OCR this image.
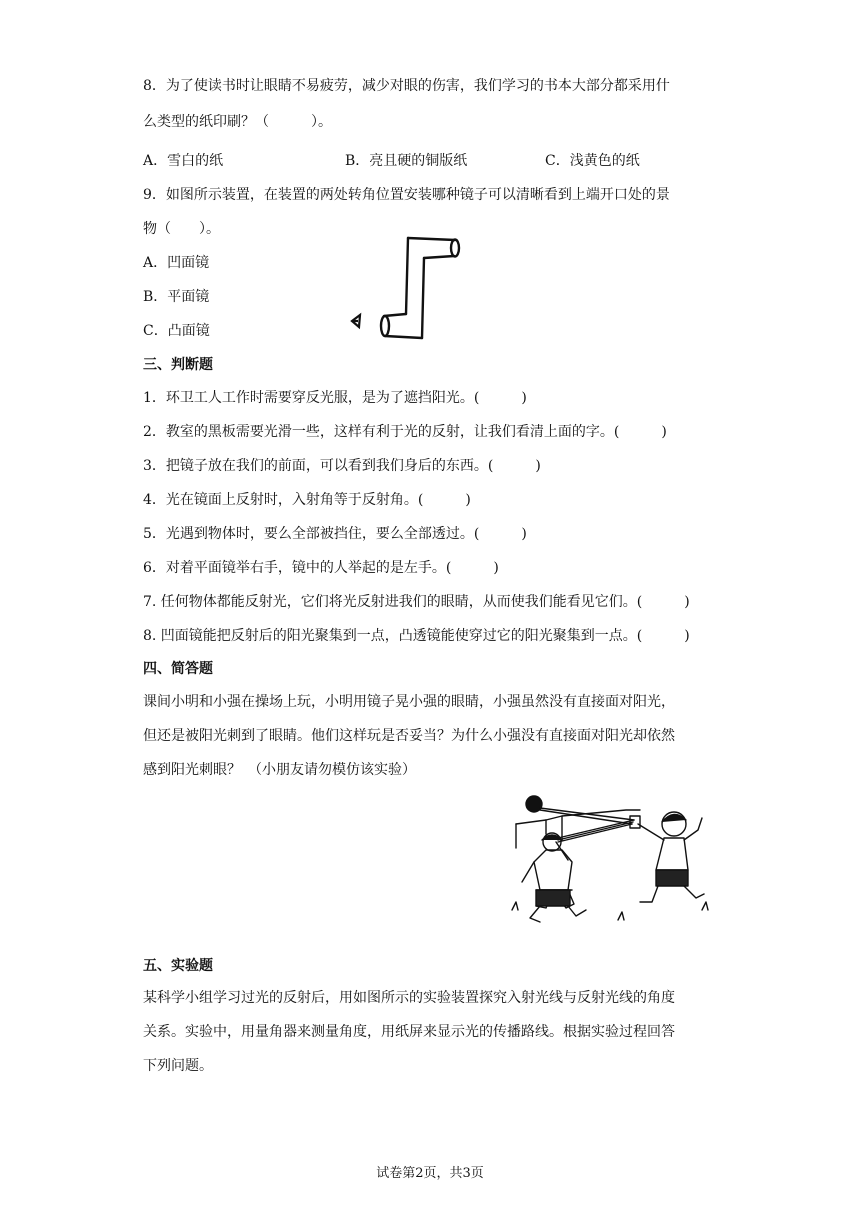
8．为了使读书时让眼睛不易疲劳，减少对眼的伤害，我们学习的书本大部分都采用什
么类型的纸印刷？（　　　）。
A．雪白的纸	B．亮且硬的铜版纸	C．浅黄色的纸
9．如图所示装置，在装置的两处转角位置安装哪种镜子可以清晰看到上端开口处的景
物（　　）。
A．凹面镜
B．平面镜
C．凸面镜
三、判断题
1．环卫工人工作时需要穿反光服，是为了遮挡阳光。(　　　)
2．教室的黑板需要光滑一些，这样有利于光的反射，让我们看清上面的字。(　　　)
3．把镜子放在我们的前面，可以看到我们身后的东西。(　　　)
4．光在镜面上反射时，入射角等于反射角。(　　　)
5．光遇到物体时，要么全部被挡住，要么全部透过。(　　　)
6．对着平面镜举右手，镜中的人举起的是左手。(　　　)
7. 任何物体都能反射光，它们将光反射进我们的眼睛，从而使我们能看见它们。(　　　)
8. 凹面镜能把反射后的阳光聚集到一点，凸透镜能使穿过它的阳光聚集到一点。(　　　)
四、简答题
课间小明和小强在操场上玩，小明用镜子晃小强的眼睛，小强虽然没有直接面对阳光，
但还是被阳光刺到了眼睛。他们这样玩是否妥当？为什么小强没有直接面对阳光却依然
感到阳光刺眼？　（小朋友请勿模仿该实验）
五、实验题
某科学小组学习过光的反射后，用如图所示的实验装置探究入射光线与反射光线的角度
关系。实验中，用量角器来测量角度，用纸屏来显示光的传播路线。根据实验过程回答
下列问题。
试卷第2页，共3页
